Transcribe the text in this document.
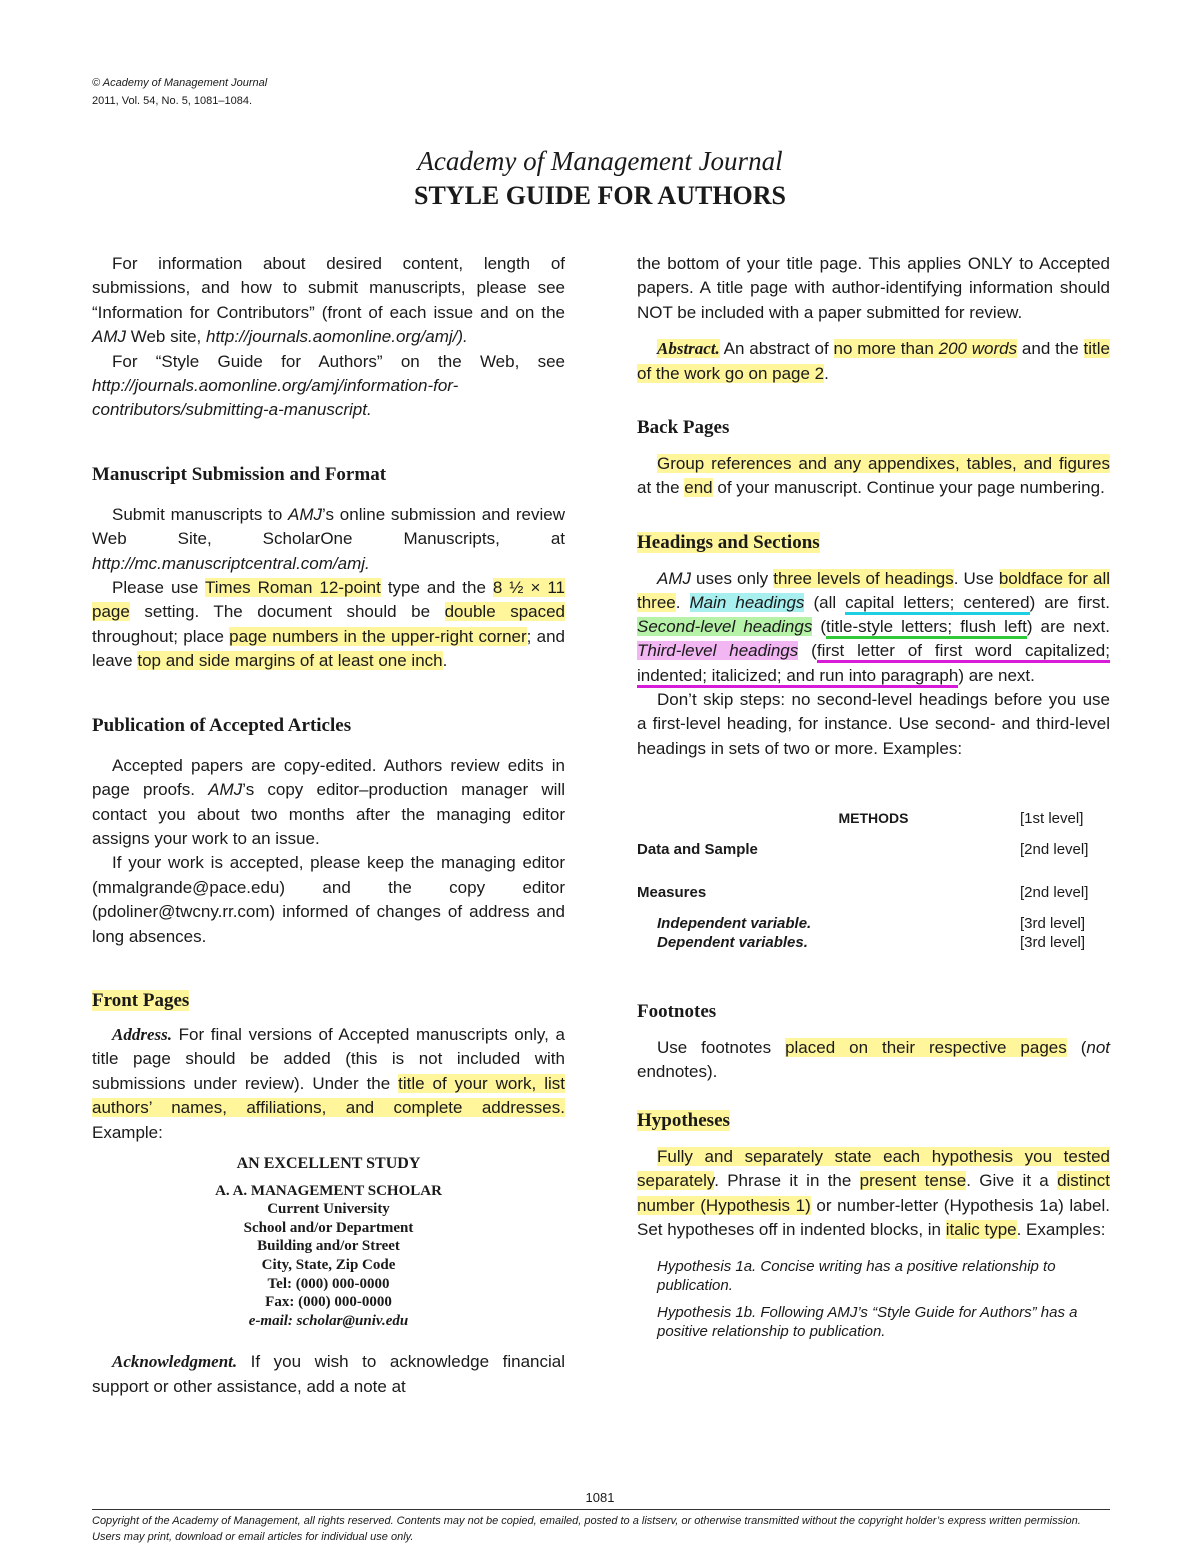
© Academy of Management Journal
2011, Vol. 54, No. 5, 1081–1084.
Academy of Management Journal
STYLE GUIDE FOR AUTHORS

For information about desired content, length of submissions, and how to submit manuscripts, please see “Information for Contributors” (front of each issue and on the AMJ Web site, http://journals.aomonline.org/amj/).

For “Style Guide for Authors” on the Web, see http://journals.aomonline.org/amj/information-for-contributors/submitting-a-manuscript.

Manuscript Submission and Format

Submit manuscripts to AMJ’s online submission and review Web Site, ScholarOne Manuscripts, at http://mc.manuscriptcentral.com/amj.

Please use Times Roman 12-point type and the 8 ½ × 11 page setting. The document should be double spaced throughout; place page numbers in the upper-right corner; and leave top and side margins of at least one inch.

Publication of Accepted Articles

Accepted papers are copy-edited. Authors review edits in page proofs. AMJ’s copy editor–production manager will contact you about two months after the managing editor assigns your work to an issue.

If your work is accepted, please keep the managing editor (mmalgrande@pace.edu) and the copy editor (pdoliner@twcny.rr.com) informed of changes of address and long absences.

Front Pages

Address. For final versions of Accepted manuscripts only, a title page should be added (this is not included with submissions under review). Under the title of your work, list authors’ names, affiliations, and complete addresses. Example:

AN EXCELLENT STUDY
A. A. MANAGEMENT SCHOLAR
Current University
School and/or Department
Building and/or Street
City, State, Zip Code
Tel: (000) 000-0000
Fax: (000) 000-0000
e-mail: scholar@univ.edu

Acknowledgment. If you wish to acknowledge financial support or other assistance, add a note at

the bottom of your title page. This applies ONLY to Accepted papers. A title page with author-identifying information should NOT be included with a paper submitted for review.

Abstract. An abstract of no more than 200 words and the title of the work go on page 2.

Back Pages

Group references and any appendixes, tables, and figures at the end of your manuscript. Continue your page numbering.

Headings and Sections

AMJ uses only three levels of headings. Use boldface for all three. Main headings (all capital letters; centered) are first. Second-level headings (title-style letters; flush left) are next. Third-level headings (first letter of first word capitalized; indented; italicized; and run into paragraph) are next.

Don’t skip steps: no second-level headings before you use a first-level heading, for instance. Use second- and third-level headings in sets of two or more. Examples:

METHODS	[1st level]
Data and Sample	[2nd level]
Measures	[2nd level]
Independent variable.	[3rd level]
Dependent variables.	[3rd level]
Footnotes

Use footnotes placed on their respective pages (not endnotes).

Hypotheses

Fully and separately state each hypothesis you tested separately. Phrase it in the present tense. Give it a distinct number (Hypothesis 1) or number-letter (Hypothesis 1a) label. Set hypotheses off in indented blocks, in italic type. Examples:

Hypothesis 1a. Concise writing has a positive relationship to publication.
Hypothesis 1b. Following AMJ’s “Style Guide for Authors” has a positive relationship to publication.
1081
Copyright of the Academy of Management, all rights reserved. Contents may not be copied, emailed, posted to a listserv, or otherwise transmitted without the copyright holder’s express written permission. Users may print, download or email articles for individual use only.
